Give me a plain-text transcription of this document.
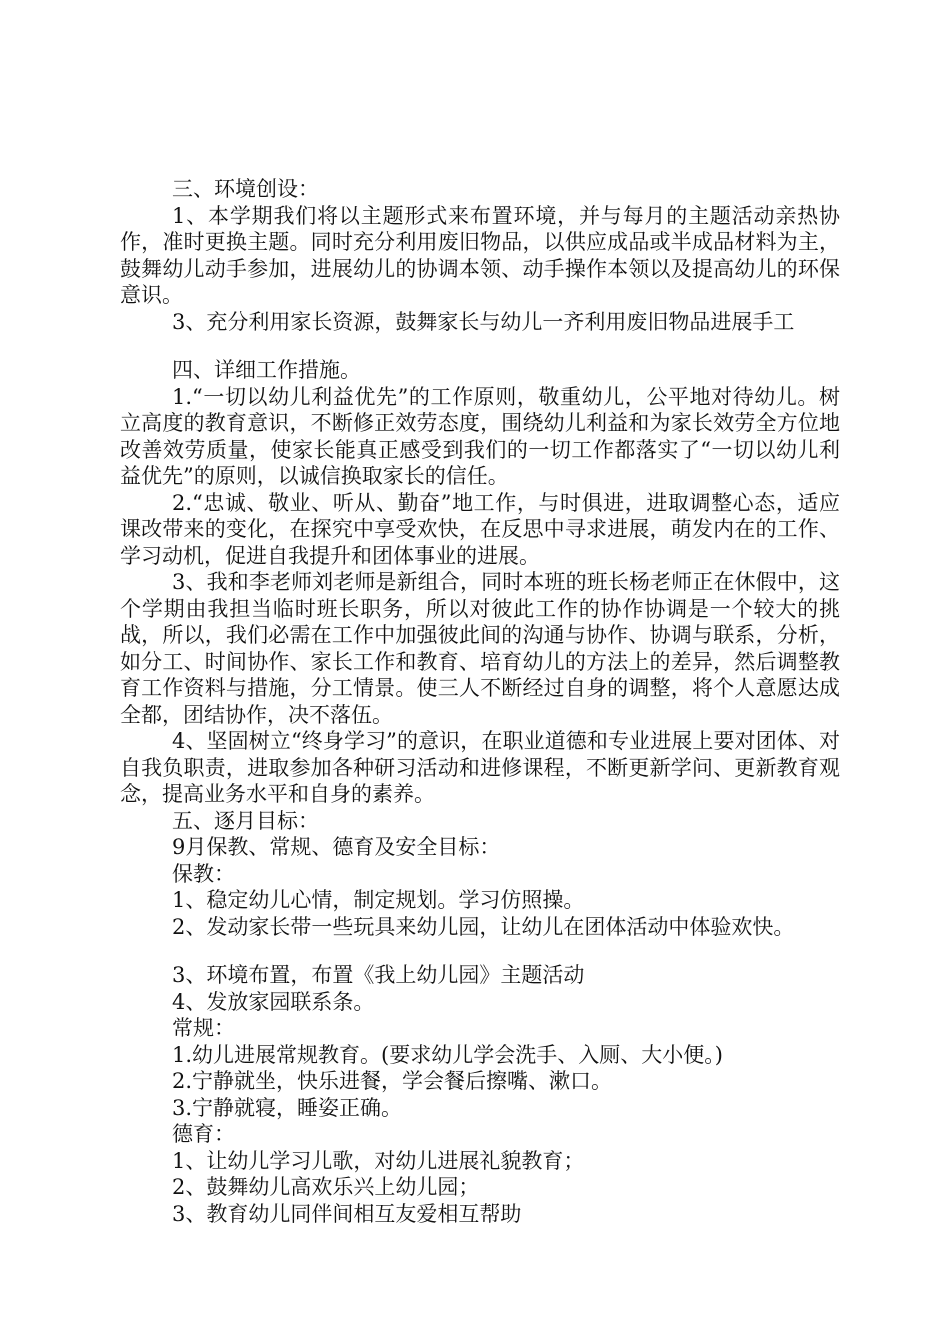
三、环境创设：

1、本学期我们将以主题形式来布置环境，并与每月的主题活动亲热协作，准时更换主题。同时充分利用废旧物品，以供应成品或半成品材料为主，鼓舞幼儿动手参加，进展幼儿的协调本领、动手操作本领以及提高幼儿的环保意识。

3、充分利用家长资源，鼓舞家长与幼儿一齐利用废旧物品进展手工

四、详细工作措施。

1.“一切以幼儿利益优先”的工作原则，敬重幼儿，公平地对待幼儿。树立高度的教育意识，不断修正效劳态度，围绕幼儿利益和为家长效劳全方位地改善效劳质量，使家长能真正感受到我们的一切工作都落实了“一切以幼儿利益优先”的原则，以诚信换取家长的信任。

2.“忠诚、敬业、听从、勤奋”地工作，与时俱进，进取调整心态，适应课改带来的变化，在探究中享受欢快，在反思中寻求进展，萌发内在的工作、学习动机，促进自我提升和团体事业的进展。

3、我和李老师刘老师是新组合，同时本班的班长杨老师正在休假中，这个学期由我担当临时班长职务，所以对彼此工作的协作协调是一个较大的挑战，所以，我们必需在工作中加强彼此间的沟通与协作、协调与联系，分析，如分工、时间协作、家长工作和教育、培育幼儿的方法上的差异，然后调整教育工作资料与措施，分工情景。使三人不断经过自身的调整，将个人意愿达成全都，团结协作，决不落伍。

4、坚固树立“终身学习”的意识，在职业道德和专业进展上要对团体、对自我负职责，进取参加各种研习活动和进修课程，不断更新学问、更新教育观念，提高业务水平和自身的素养。

五、逐月目标：

9月保教、常规、德育及安全目标：

保教：

1、稳定幼儿心情，制定规划。学习仿照操。

2、发动家长带一些玩具来幼儿园，让幼儿在团体活动中体验欢快。

3、环境布置，布置《我上幼儿园》主题活动

4、发放家园联系条。

常规：

1.幼儿进展常规教育。(要求幼儿学会洗手、入厕、大小便。)

2.宁静就坐，快乐进餐，学会餐后擦嘴、漱口。

3.宁静就寝，睡姿正确。

德育：

1、让幼儿学习儿歌，对幼儿进展礼貌教育；

2、鼓舞幼儿高欢乐兴上幼儿园；

3、教育幼儿同伴间相互友爱相互帮助
